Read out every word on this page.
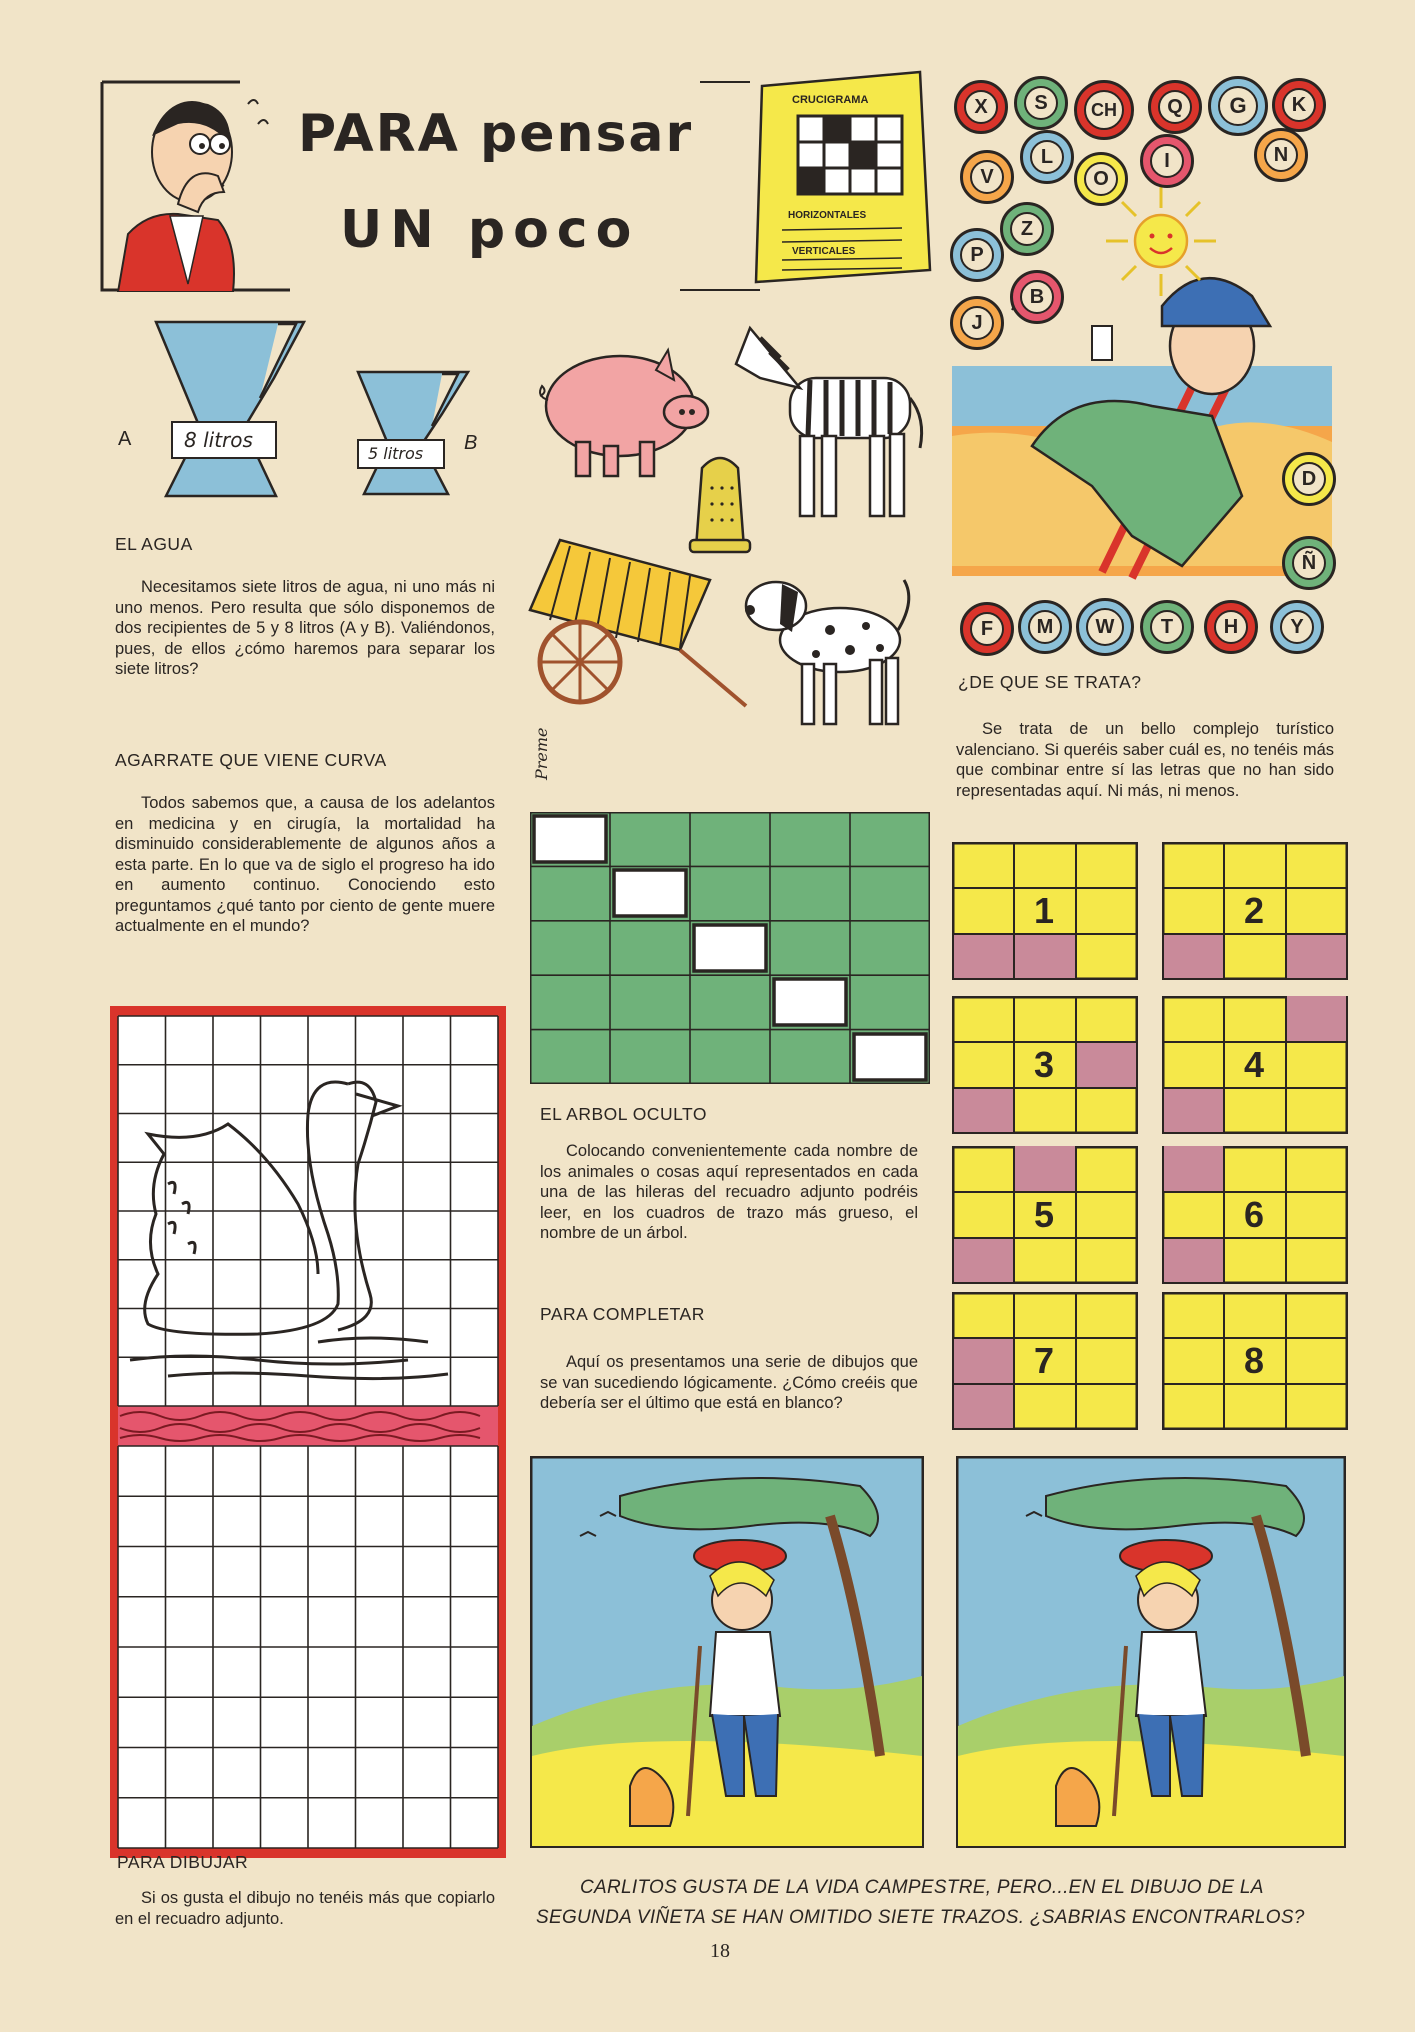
PARA pensar
UN poco
CRUCIGRAMA
HORIZONTALES
VERTICALES
8 litros
A
5 litros B
EL AGUA
Necesitamos siete litros de agua, ni uno más ni uno menos. Pero resulta que sólo disponemos de dos recipientes de 5 y 8 litros (A y B). Valiéndonos, pues, de ellos ¿cómo haremos para separar los siete litros?
AGARRATE QUE VIENE CURVA
Todos sabemos que, a causa de los adelantos en medicina y en cirugía, la mortalidad ha disminuido considerablemente de algunos años a esta parte. En lo que va de siglo el progreso ha ido en aumento continuo. Conociendo esto preguntamos ¿qué tanto por ciento de gente muere actualmente en el mundo?
PARA DIBUJAR
Si os gusta el dibujo no tenéis más que copiarlo en el recuadro adjunto.
Preme
EL ARBOL OCULTO
Colocando convenientemente cada nombre de los animales o cosas aquí representados en cada una de las hileras del recuadro adjunto podréis leer, en los cuadros de trazo más grueso, el nombre de un árbol.
PARA COMPLETAR
Aquí os presentamos una serie de dibujos que se van sucediendo lógicamente. ¿Cómo creéis que debería ser el último que está en blanco?
X	S	CH	Q	G	K
V
L
O
I	N
P
Z
B
J
D
Ñ
F	M	W	T	H	Y
¿DE QUE SE TRATA?
Se trata de un bello complejo turístico valenciano. Si queréis saber cuál es, no tenéis más que combinar entre sí las letras que no han sido representadas aquí. Ni más, ni menos.
1	2
3	4
5	6
7	8
CARLITOS GUSTA DE LA VIDA CAMPESTRE, PERO...EN EL DIBUJO DE LA
SEGUNDA VIÑETA SE HAN OMITIDO SIETE TRAZOS. ¿SABRIAS ENCONTRARLOS?
18
